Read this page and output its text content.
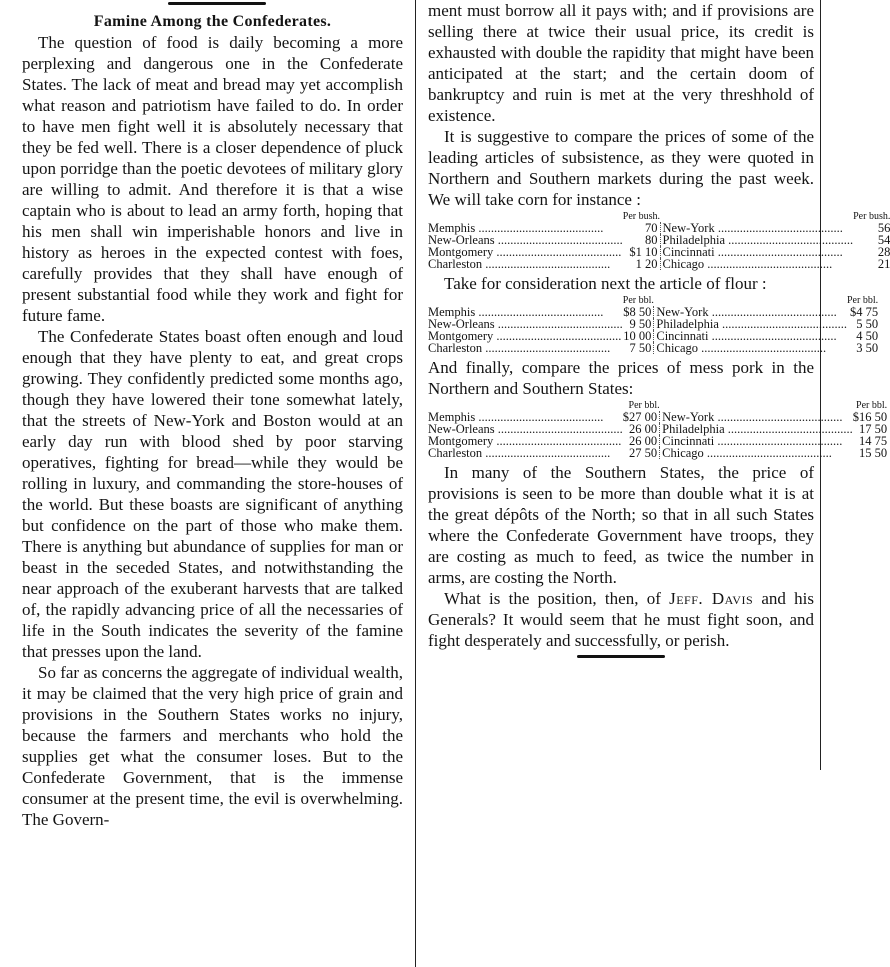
Famine Among the Confederates.

The question of food is daily becoming a more perplexing and dangerous one in the Confederate States. The lack of meat and bread may yet accomplish what reason and patriotism have failed to do. In order to have men fight well it is absolutely necessary that they be fed well. There is a closer dependence of pluck upon porridge than the poetic devotees of military glory are willing to admit. And therefore it is that a wise captain who is about to lead an army forth, hoping that his men shall win imperishable honors and live in history as heroes in the expected contest with foes, carefully provides that they shall have enough of present substantial food while they work and fight for future fame.

The Confederate States boast often enough and loud enough that they have plenty to eat, and great crops growing. They confidently predicted some months ago, though they have lowered their tone somewhat lately, that the streets of New-York and Boston would at an early day run with blood shed by poor starving operatives, fighting for bread—while they would be rolling in luxury, and commanding the store-houses of the world. But these boasts are significant of anything but confidence on the part of those who make them. There is anything but abundance of supplies for man or beast in the seceded States, and notwithstanding the near approach of the exuberant harvests that are talked of, the rapidly advancing price of all the necessaries of life in the South indicates the severity of the famine that presses upon the land.

So far as concerns the aggregate of individual wealth, it may be claimed that the very high price of grain and provisions in the Southern States works no injury, because the farmers and merchants who hold the supplies get what the consumer loses. But to the Confederate Government, that is the immense consumer at the present time, the evil is overwhelming. The Govern-

ment must borrow all it pays with; and if provisions are selling there at twice their usual price, its credit is exhausted with double the rapidity that might have been anticipated at the start; and the certain doom of bankruptcy and ruin is met at the very threshhold of existence.

It is suggestive to compare the prices of some of the leading articles of subsistence, as they were quoted in Northern and Southern markets during the past week. We will take corn for instance :

	Per bush.		Per bush.
Memphis ........................................	70	New-York ........................................	56
New-Orleans ........................................	80	Philadelphia ........................................	54
Montgomery ........................................	$1 10	Cincinnati ........................................	28
Charleston ........................................	1 20	Chicago ........................................	21

Take for consideration next the article of flour :

	Per bbl.		Per bbl.
Memphis ........................................	$8 50	New-York ........................................	$4 75
New-Orleans ........................................	9 50	Philadelphia ........................................	5 50
Montgomery ........................................	10 00	Cincinnati ........................................	4 50
Charleston ........................................	7 50	Chicago ........................................	3 50

And finally, compare the prices of mess pork in the Northern and Southern States:

	Per bbl.		Per bbl.
Memphis ........................................	$27 00	New-York ........................................	$16 50
New-Orleans ........................................	26 00	Philadelphia ........................................	17 50
Montgomery ........................................	26 00	Cincinnati ........................................	14 75
Charleston ........................................	27 50	Chicago ........................................	15 50

In many of the Southern States, the price of provisions is seen to be more than double what it is at the great dépôts of the North; so that in all such States where the Confederate Government have troops, they are costing as much to feed, as twice the number in arms, are costing the North.

What is the position, then, of Jeff. Davis and his Generals? It would seem that he must fight soon, and fight desperately and successfully, or perish.
